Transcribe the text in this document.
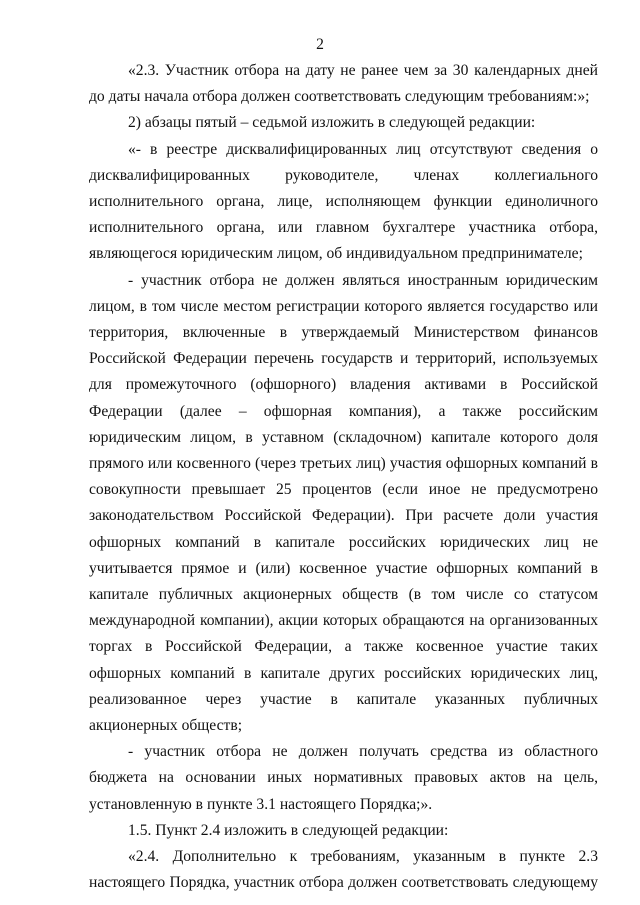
2

«2.3. Участник отбора на дату не ранее чем за 30 календарных дней до даты начала отбора должен соответствовать следующим требованиям:»;

2) абзацы пятый – седьмой изложить в следующей редакции:

«- в реестре дисквалифицированных лиц отсутствуют сведения о дисквалифицированных руководителе, членах коллегиального исполнительного органа, лице, исполняющем функции единоличного исполнительного органа, или главном бухгалтере участника отбора, являющегося юридическим лицом, об индивидуальном предпринимателе;

- участник отбора не должен являться иностранным юридическим лицом, в том числе местом регистрации которого является государство или территория, включенные в утверждаемый Министерством финансов Российской Федерации перечень государств и территорий, используемых для промежуточного (офшорного) владения активами в Российской Федерации (далее – офшорная компания), а также российским юридическим лицом, в уставном (складочном) капитале которого доля прямого или косвенного (через третьих лиц) участия офшорных компаний в совокупности превышает 25 процентов (если иное не предусмотрено законодательством Российской Федерации). При расчете доли участия офшорных компаний в капитале российских юридических лиц не учитывается прямое и (или) косвенное участие офшорных компаний в капитале публичных акционерных обществ (в том числе со статусом международной компании), акции которых обращаются на организованных торгах в Российской Федерации, а также косвенное участие таких офшорных компаний в капитале других российских юридических лиц, реализованное через участие в капитале указанных публичных акционерных обществ;

- участник отбора не должен получать средства из областного бюджета на основании иных нормативных правовых актов на цель, установленную в пункте 3.1 настоящего Порядка;».

1.5. Пункт 2.4 изложить в следующей редакции:

«2.4. Дополнительно к требованиям, указанным в пункте 2.3 настоящего Порядка, участник отбора должен соответствовать следующему
